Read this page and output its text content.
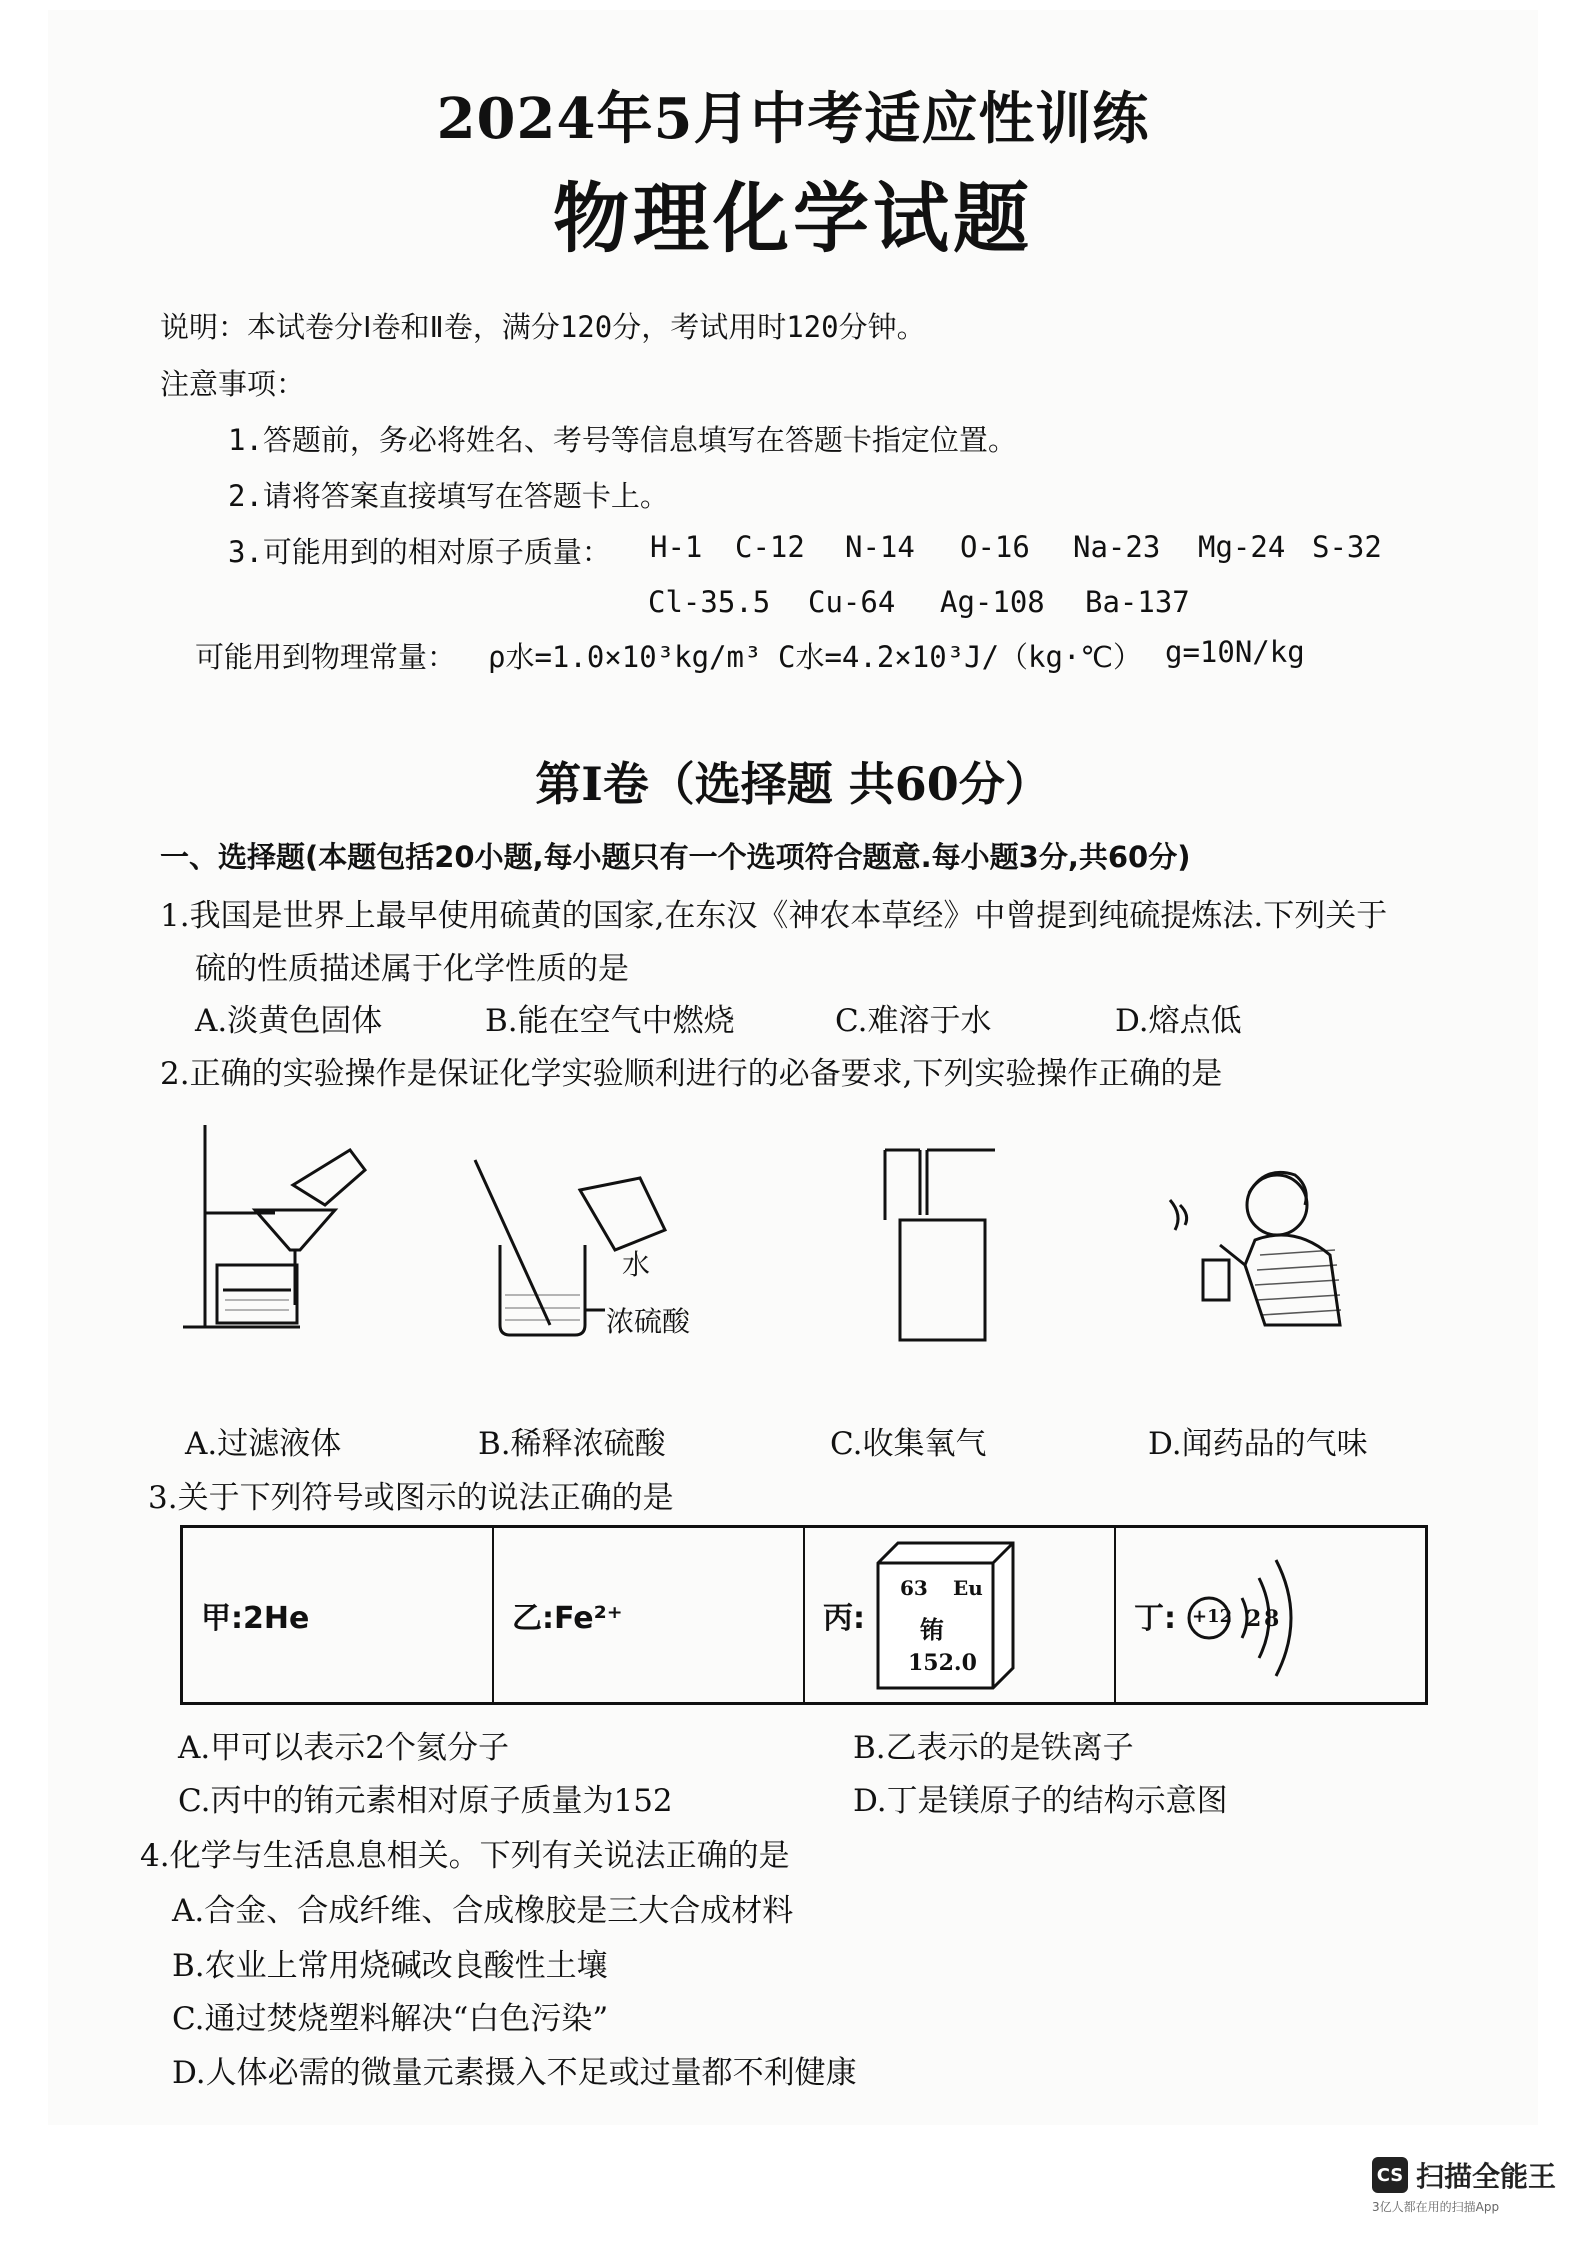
2024年5月中考适应性训练
物理化学试题
说明：本试卷分Ⅰ卷和Ⅱ卷，满分120分，考试用时120分钟。
注意事项：
1.答题前，务必将姓名、考号等信息填写在答题卡指定位置。
2.请将答案直接填写在答题卡上。
3.可能用到的相对原子质量： H-1 C-12 N-14 O-16 Na-23 Mg-24 S-32
Cl-35.5 Cu-64 Ag-108 Ba-137
可能用到物理常量： ρ水=1.0×10³kg/m³ C水=4.2×10³J/（kg·℃） g=10N/kg
第Ⅰ卷（选择题 共60分）
一、选择题(本题包括20小题,每小题只有一个选项符合题意.每小题3分,共60分)
1.我国是世界上最早使用硫黄的国家,在东汉《神农本草经》中曾提到纯硫提炼法.下列关于
硫的性质描述属于化学性质的是
A.淡黄色固体	B.能在空气中燃烧	C.难溶于水	D.熔点低
2.正确的实验操作是保证化学实验顺利进行的必备要求,下列实验操作正确的是
水
浓硫酸
A.过滤液体	B.稀释浓硫酸	C.收集氧气	D.闻药品的气味
3.关于下列符号或图示的说法正确的是
甲:2He	乙:Fe²⁺	丙:
63 Eu
铕
152.0
丁: +12 2 8
A.甲可以表示2个氦分子	B.乙表示的是铁离子
C.丙中的铕元素相对原子质量为152	D.丁是镁原子的结构示意图
4.化学与生活息息相关。下列有关说法正确的是
A.合金、合成纤维、合成橡胶是三大合成材料
B.农业上常用烧碱改良酸性土壤
C.通过焚烧塑料解决“白色污染”
D.人体必需的微量元素摄入不足或过量都不利健康
CS 扫描全能王
3亿人都在用的扫描App
